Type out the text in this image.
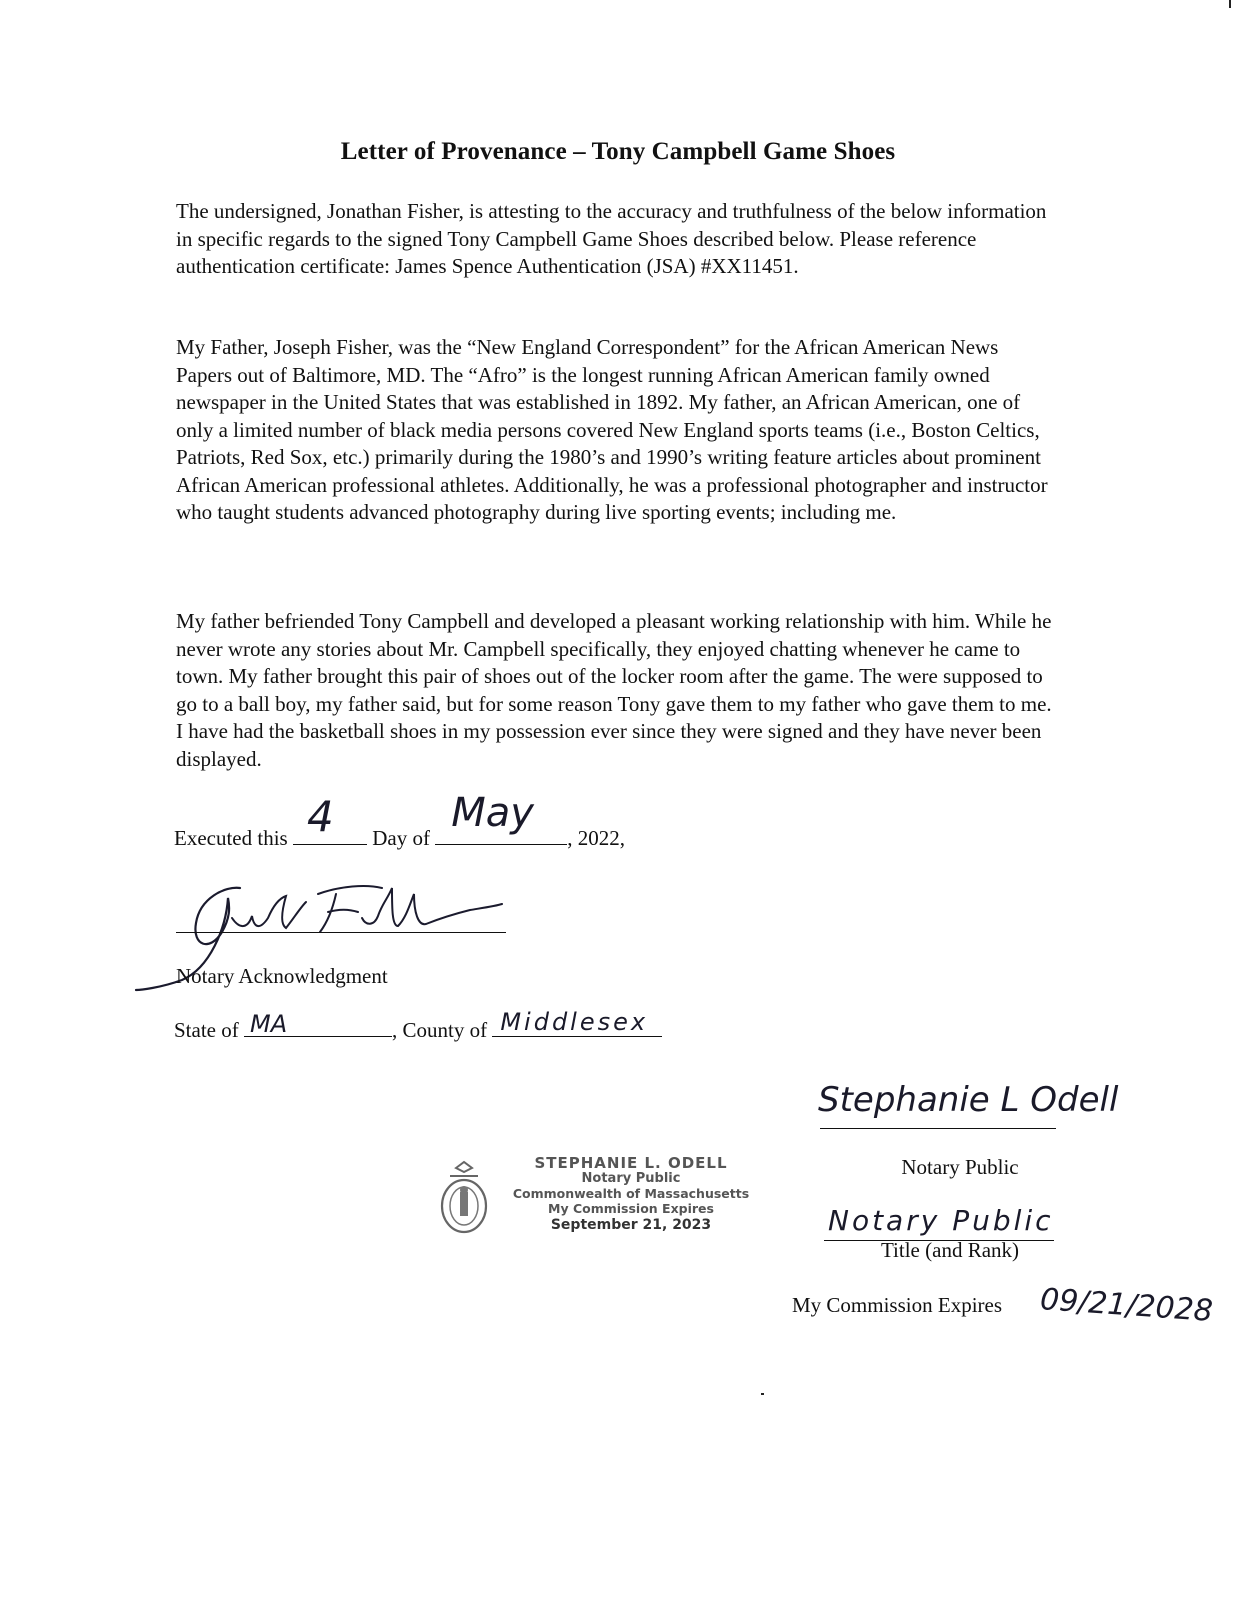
Letter of Provenance – Tony Campbell Game Shoes
The undersigned, Jonathan Fisher, is attesting to the accuracy and truthfulness of the below information in specific regards to the signed Tony Campbell Game Shoes described below. Please reference authentication certificate: James Spence Authentication (JSA) #XX11451.
My Father, Joseph Fisher, was the “New England Correspondent” for the African American News Papers out of Baltimore, MD. The “Afro” is the longest running African American family owned newspaper in the United States that was established in 1892. My father, an African American, one of only a limited number of black media persons covered New England sports teams (i.e., Boston Celtics, Patriots, Red Sox, etc.) primarily during the 1980’s and 1990’s writing feature articles about prominent African American professional athletes. Additionally, he was a professional photographer and instructor who taught students advanced photography during live sporting events; including me.
My father befriended Tony Campbell and developed a pleasant working relationship with him. While he never wrote any stories about Mr. Campbell specifically, they enjoyed chatting whenever he came to town. My father brought this pair of shoes out of the locker room after the game. The were supposed to go to a ball boy, my father said, but for some reason Tony gave them to my father who gave them to me. I have had the basketball shoes in my possession ever since they were signed and they have never been displayed.
Executed this 4 Day of
May
, 2022,
Notary Acknowledgment
State of MA	, County of Middlesex
Stephanie L Odell
Notary Public
Notary Public
Title (and Rank)
My Commission Expires 09/21/2028
STEPHANIE L. ODELL
Notary Public
Commonwealth of Massachusetts
My Commission Expires
September 21, 2023
